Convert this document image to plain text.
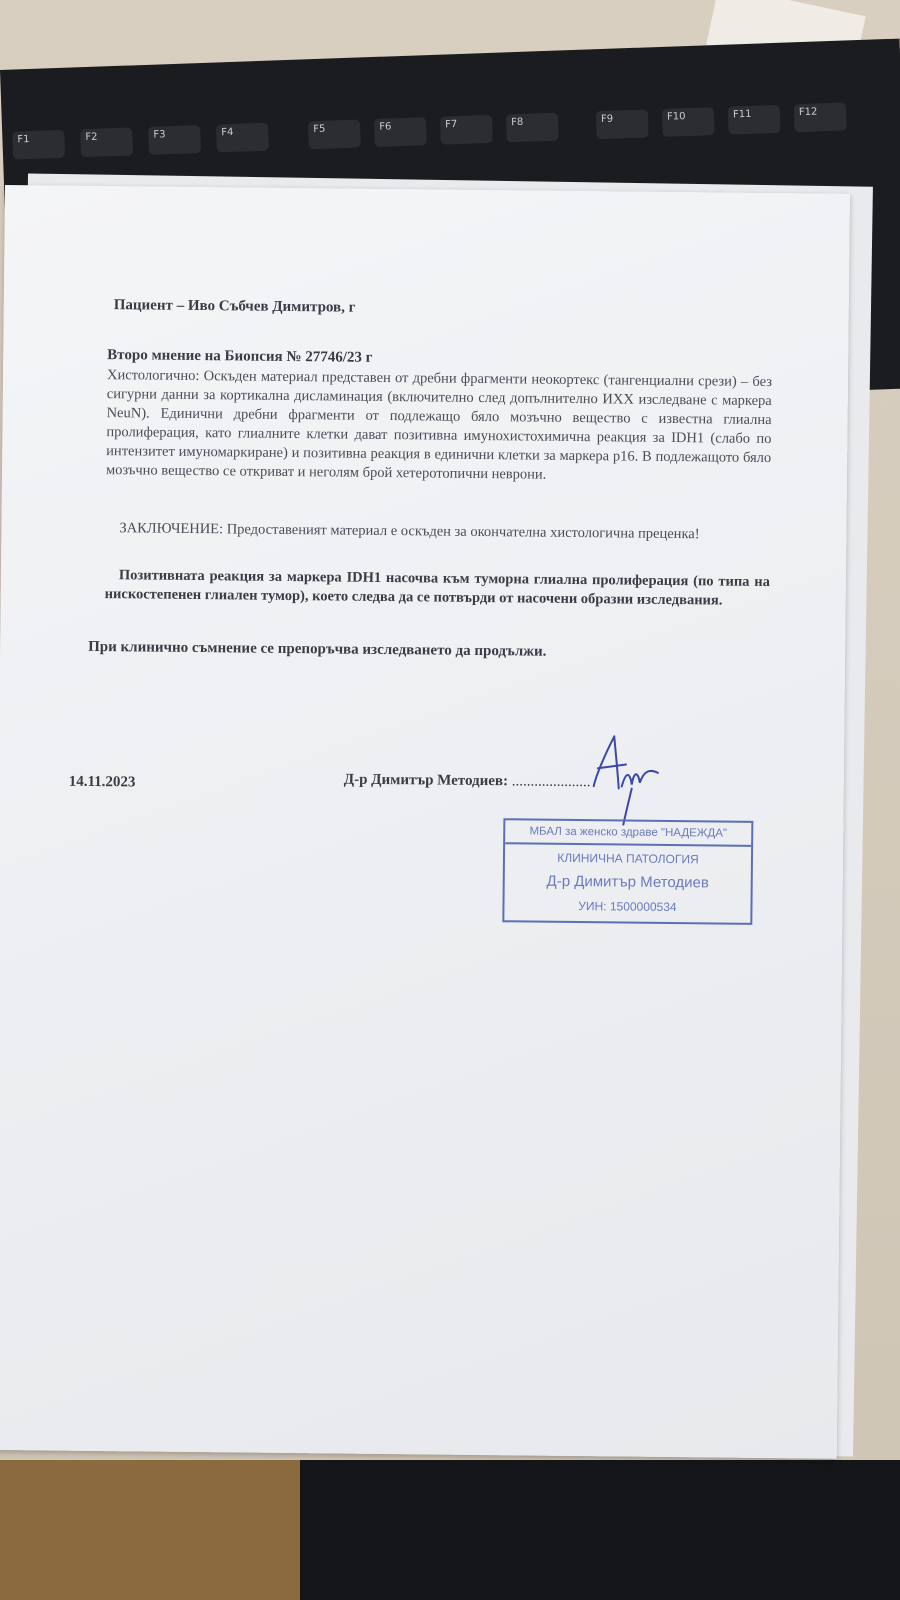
F1	F2	F3	F4	F5	F6	F7	F8	F9	F10	F11	F12
Пациент – Иво Събчев Димитров, г
Второ мнение на Биопсия № 27746/23 г
Хистологично: Оскъден материал представен от дребни фрагменти неокортекс (тангенциални срези) – без сигурни данни за кортикална дисламинация (включително след допълнително ИХХ изследване с маркера NeuN). Единични дребни фрагменти от подлежащо бяло мозъчно вещество с известна глиална пролиферация, като глиалните клетки дават позитивна имунохистохимична реакция за IDH1 (слабо по интензитет имуномаркиране) и позитивна реакция в единични клетки за маркера p16. В подлежащото бяло мозъчно вещество се откриват и неголям брой хетеротопични неврони.
ЗАКЛЮЧЕНИЕ: Предоставеният материал е оскъден за окончателна хистологична преценка!
Позитивната реакция за маркера IDH1 насочва към туморна глиална пролиферация (по типа на нискостепенен глиален тумор), което следва да се потвърди от насочени образни изследвания.
При клинично съмнение се препоръчва изследването да продължи.
14.11.2023	Д-р Димитър Методиев: .....................
МБАЛ за женско здраве "НАДЕЖДА"
КЛИНИЧНА ПАТОЛОГИЯ
Д-р Димитър Методиев
УИН: 1500000534
